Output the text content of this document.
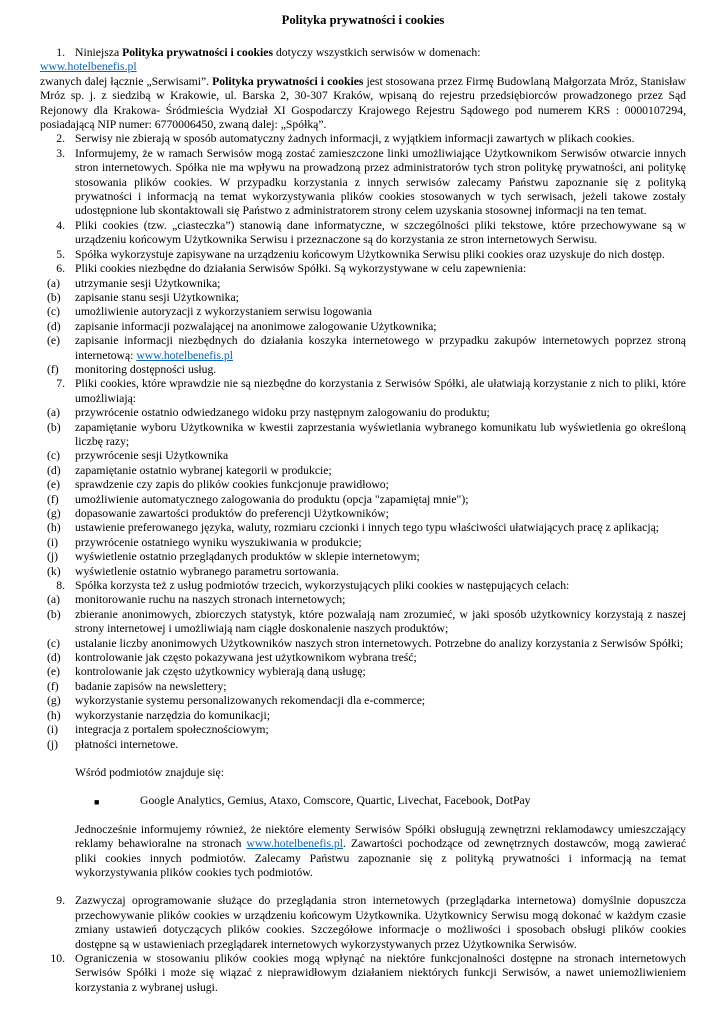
Polityka prywatności i cookies
1. Niniejsza Polityka prywatności i cookies dotyczy wszystkich serwisów w domenach:
www.hotelbenefis.pl
zwanych dalej łącznie „Serwisami”. Polityka prywatności i cookies jest stosowana przez Firmę Budowlaną Małgorzata Mróz, Stanisław Mróz sp. j. z siedzibą w Krakowie, ul. Barska 2, 30-307 Kraków, wpisaną do rejestru przedsiębiorców prowadzonego przez Sąd Rejonowy dla Krakowa- Śródmieścia Wydział XI Gospodarczy Krajowego Rejestru Sądowego pod numerem KRS : 0000107294, posiadającą NIP numer: 6770006450, zwaną dalej: „Spółką”.
2. Serwisy nie zbierają w sposób automatyczny żadnych informacji, z wyjątkiem informacji zawartych w plikach cookies.
3. Informujemy, że w ramach Serwisów mogą zostać zamieszczone linki umożliwiające Użytkownikom Serwisów otwarcie innych stron internetowych. Spółka nie ma wpływu na prowadzoną przez administratorów tych stron politykę prywatności, ani politykę stosowania plików cookies. W przypadku korzystania z innych serwisów zalecamy Państwu zapoznanie się z polityką prywatności i informacją na temat wykorzystywania plików cookies stosowanych w tych serwisach, jeżeli takowe zostały udostępnione lub skontaktowali się Państwo z administratorem strony celem uzyskania stosownej informacji na ten temat.
4. Pliki cookies (tzw. „ciasteczka”) stanowią dane informatyczne, w szczególności pliki tekstowe, które przechowywane są w urządzeniu końcowym Użytkownika Serwisu i przeznaczone są do korzystania ze stron internetowych Serwisu.
5. Spółka wykorzystuje zapisywane na urządzeniu końcowym Użytkownika Serwisu pliki cookies oraz uzyskuje do nich dostęp.
6. Pliki cookies niezbędne do działania Serwisów Spółki. Są wykorzystywane w celu zapewnienia:
(a) utrzymanie sesji Użytkownika;
(b) zapisanie stanu sesji Użytkownika;
(c) umożliwienie autoryzacji z wykorzystaniem serwisu logowania
(d) zapisanie informacji pozwalającej na anonimowe zalogowanie Użytkownika;
(e) zapisanie informacji niezbędnych do działania koszyka internetowego w przypadku zakupów internetowych poprzez stroną internetową: www.hotelbenefis.pl
(f) monitoring dostępności usług.
7. Pliki cookies, które wprawdzie nie są niezbędne do korzystania z Serwisów Spółki, ale ułatwiają korzystanie z nich to pliki, które umożliwiają:
(a) przywrócenie ostatnio odwiedzanego widoku przy następnym zalogowaniu do produktu;
(b) zapamiętanie wyboru Użytkownika w kwestii zaprzestania wyświetlania wybranego komunikatu lub wyświetlenia go określoną liczbę razy;
(c) przywrócenie sesji Użytkownika
(d) zapamiętanie ostatnio wybranej kategorii w produkcie;
(e) sprawdzenie czy zapis do plików cookies funkcjonuje prawidłowo;
(f) umożliwienie automatycznego zalogowania do produktu (opcja "zapamiętaj mnie");
(g) dopasowanie zawartości produktów do preferencji Użytkowników;
(h) ustawienie preferowanego języka, waluty, rozmiaru czcionki i innych tego typu właściwości ułatwiających pracę z aplikacją;
(i) przywrócenie ostatniego wyniku wyszukiwania w produkcie;
(j) wyświetlenie ostatnio przeglądanych produktów w sklepie internetowym;
(k) wyświetlenie ostatnio wybranego parametru sortowania.
8. Spółka korzysta też z usług podmiotów trzecich, wykorzystujących pliki cookies w następujących celach:
(a) monitorowanie ruchu na naszych stronach internetowych;
(b) zbieranie anonimowych, zbiorczych statystyk, które pozwalają nam zrozumieć, w jaki sposób użytkownicy korzystają z naszej strony internetowej i umożliwiają nam ciągłe doskonalenie naszych produktów;
(c) ustalanie liczby anonimowych Użytkowników naszych stron internetowych. Potrzebne do analizy korzystania z Serwisów Spółki;
(d) kontrolowanie jak często pokazywana jest użytkownikom wybrana treść;
(e) kontrolowanie jak często użytkownicy wybierają daną usługę;
(f) badanie zapisów na newslettery;
(g) wykorzystanie systemu personalizowanych rekomendacji dla e-commerce;
(h) wykorzystanie narzędzia do komunikacji;
(i) integracja z portalem społecznościowym;
(j) płatności internetowe.
Wśród podmiotów znajduje się:
■	Google Analytics, Gemius, Ataxo, Comscore, Quartic, Livechat, Facebook, DotPay
Jednocześnie informujemy również, że niektóre elementy Serwisów Spółki obsługują zewnętrzni reklamodawcy umieszczający reklamy behawioralne na stronach www.hotelbenefis.pl. Zawartości pochodzące od zewnętrznych dostawców, mogą zawierać pliki cookies innych podmiotów. Zalecamy Państwu zapoznanie się z polityką prywatności i informacją na temat wykorzystywania plików cookies tych podmiotów.
9. Zazwyczaj oprogramowanie służące do przeglądania stron internetowych (przeglądarka internetowa) domyślnie dopuszcza przechowywanie plików cookies w urządzeniu końcowym Użytkownika. Użytkownicy Serwisu mogą dokonać w każdym czasie zmiany ustawień dotyczących plików cookies. Szczegółowe informacje o możliwości i sposobach obsługi plików cookies dostępne są w ustawieniach przeglądarek internetowych wykorzystywanych przez Użytkownika Serwisów.
10. Ograniczenia w stosowaniu plików cookies mogą wpłynąć na niektóre funkcjonalności dostępne na stronach internetowych Serwisów Spółki i może się wiązać z nieprawidłowym działaniem niektórych funkcji Serwisów, a nawet uniemożliwieniem korzystania z wybranej usługi.
